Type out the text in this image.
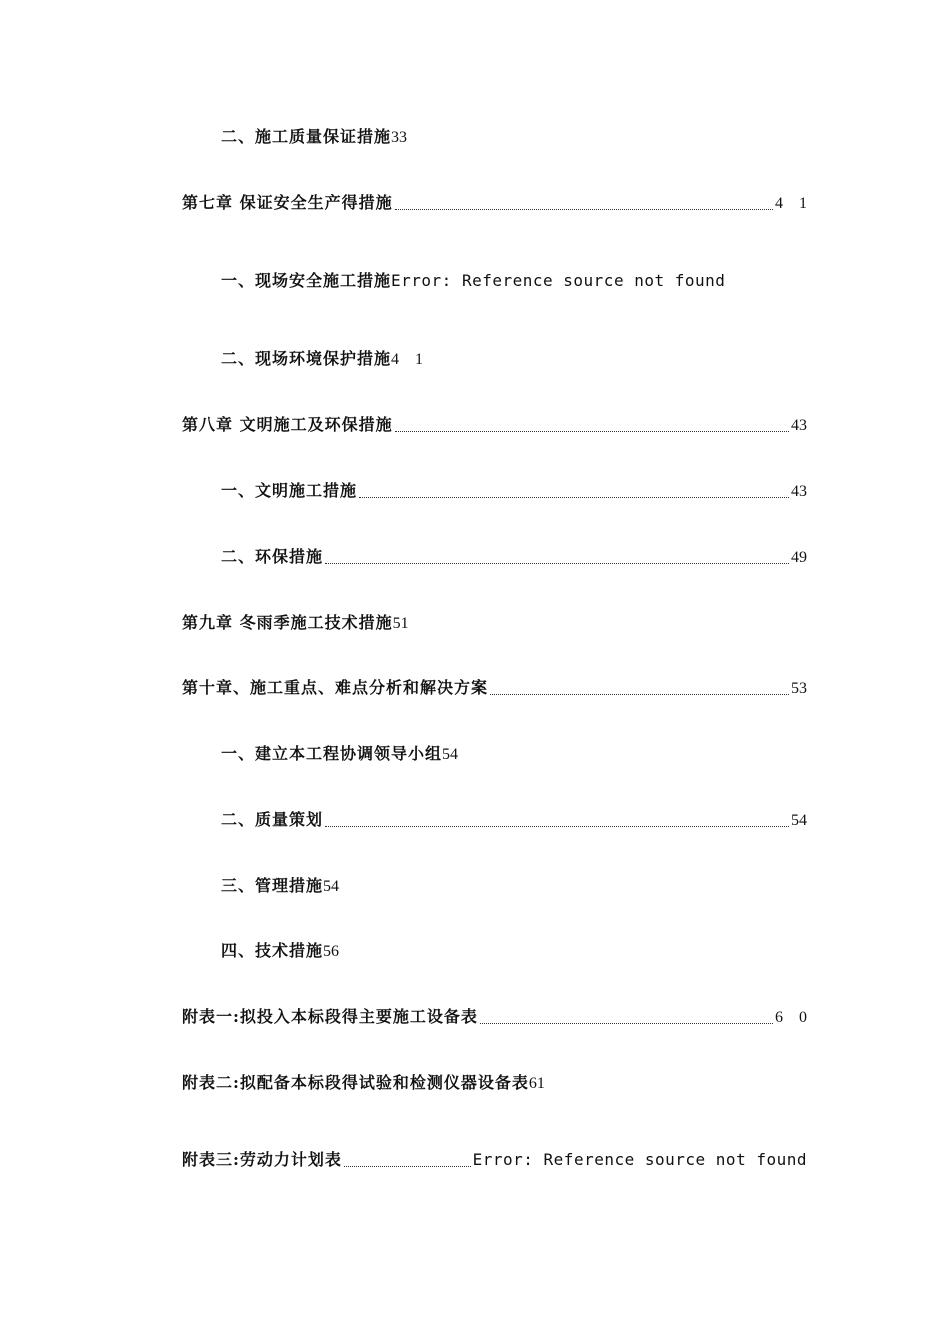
二、施工质量保证措施 33
第七章 保证安全生产得措施	4 1
一、现场安全施工措施 Error: Reference source not found
二、现场环境保护措施 4 1
第八章 文明施工及环保措施	43
一、文明施工措施	43
二、环保措施	49
第九章 冬雨季施工技术措施 51
第十章、施工重点、难点分析和解决方案	53
一、建立本工程协调领导小组 54
二、质量策划	54
三、管理措施 54
四、技术措施 56
附表一:拟投入本标段得主要施工设备表	6 0
附表二:拟配备本标段得试验和检测仪器设备表 61
附表三:劳动力计划表	Error: Reference source not found
